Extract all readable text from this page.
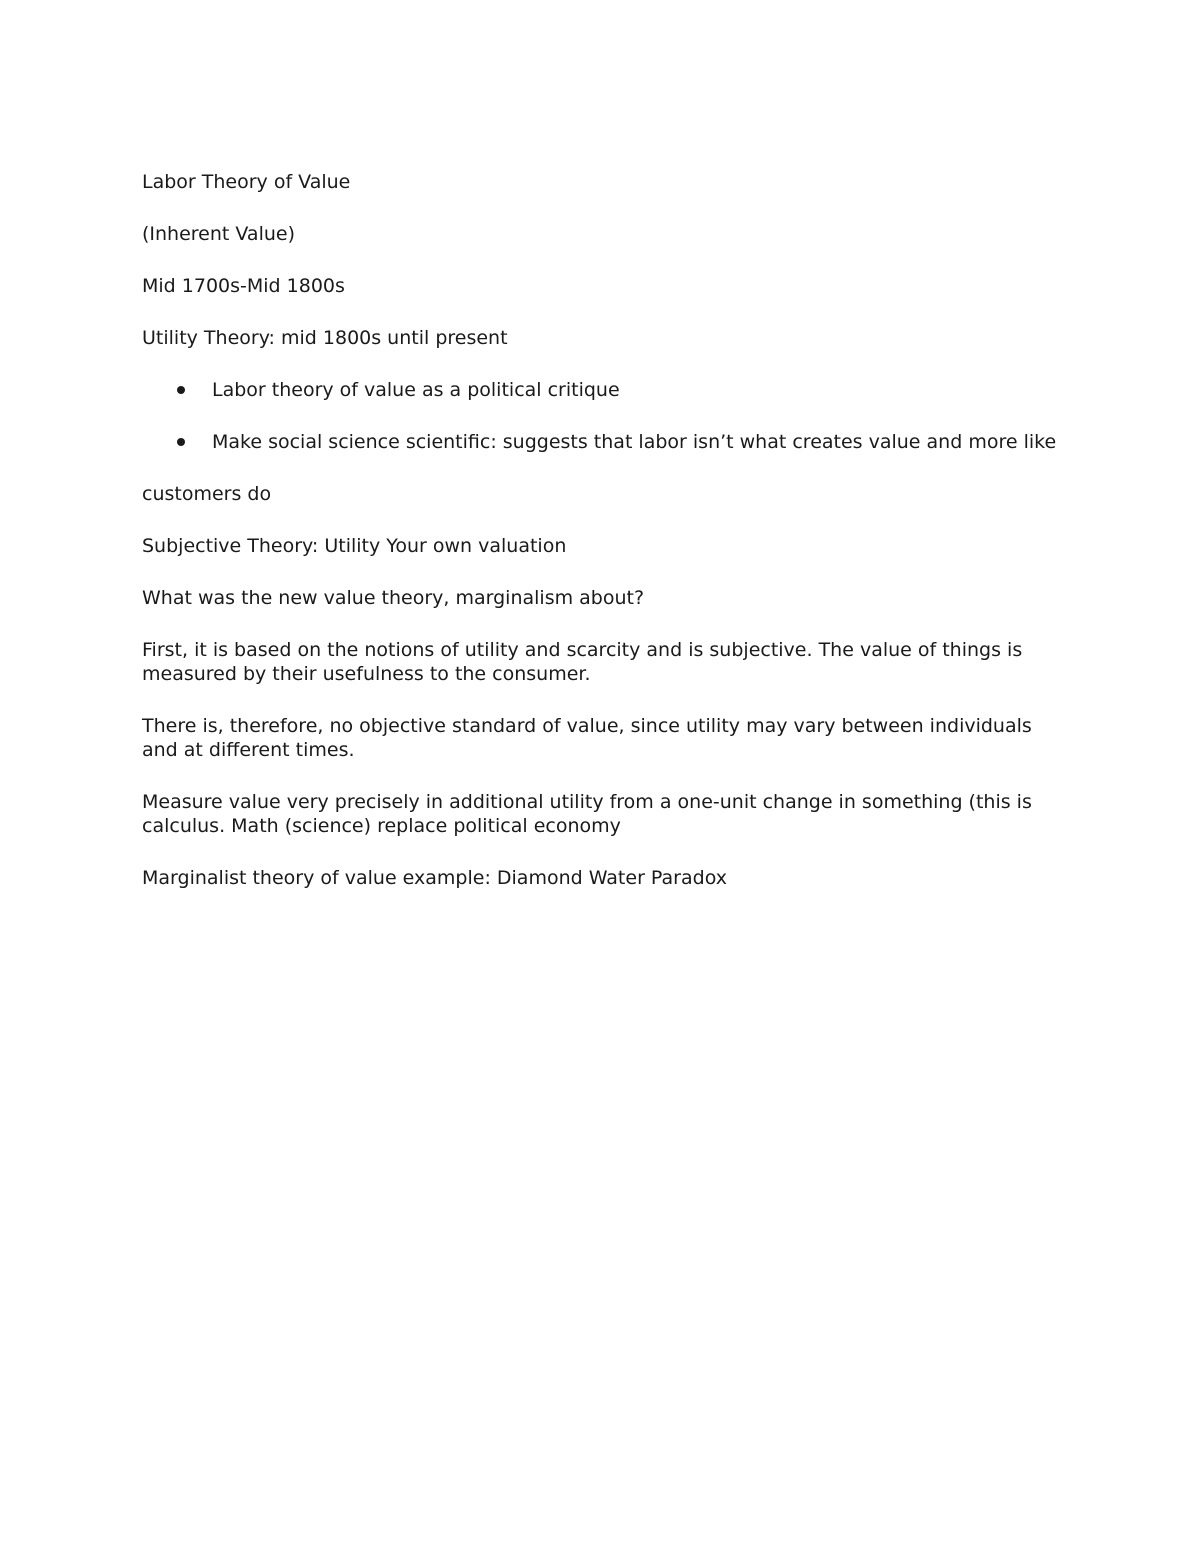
Labor Theory of Value

(Inherent Value)

Mid 1700s-Mid 1800s

Utility Theory: mid 1800s until present

Labor theory of value as a political critique
Make social science scientific: suggests that labor isn’t what creates value and more like

customers do

Subjective Theory: Utility Your own valuation

What was the new value theory, marginalism about?

First, it is based on the notions of utility and scarcity and is subjective. The value of things is measured by their usefulness to the consumer.

There is, therefore, no objective standard of value, since utility may vary between individuals and at different times.

Measure value very precisely in additional utility from a one-unit change in something (this is calculus. Math (science) replace political economy

Marginalist theory of value example: Diamond Water Paradox
